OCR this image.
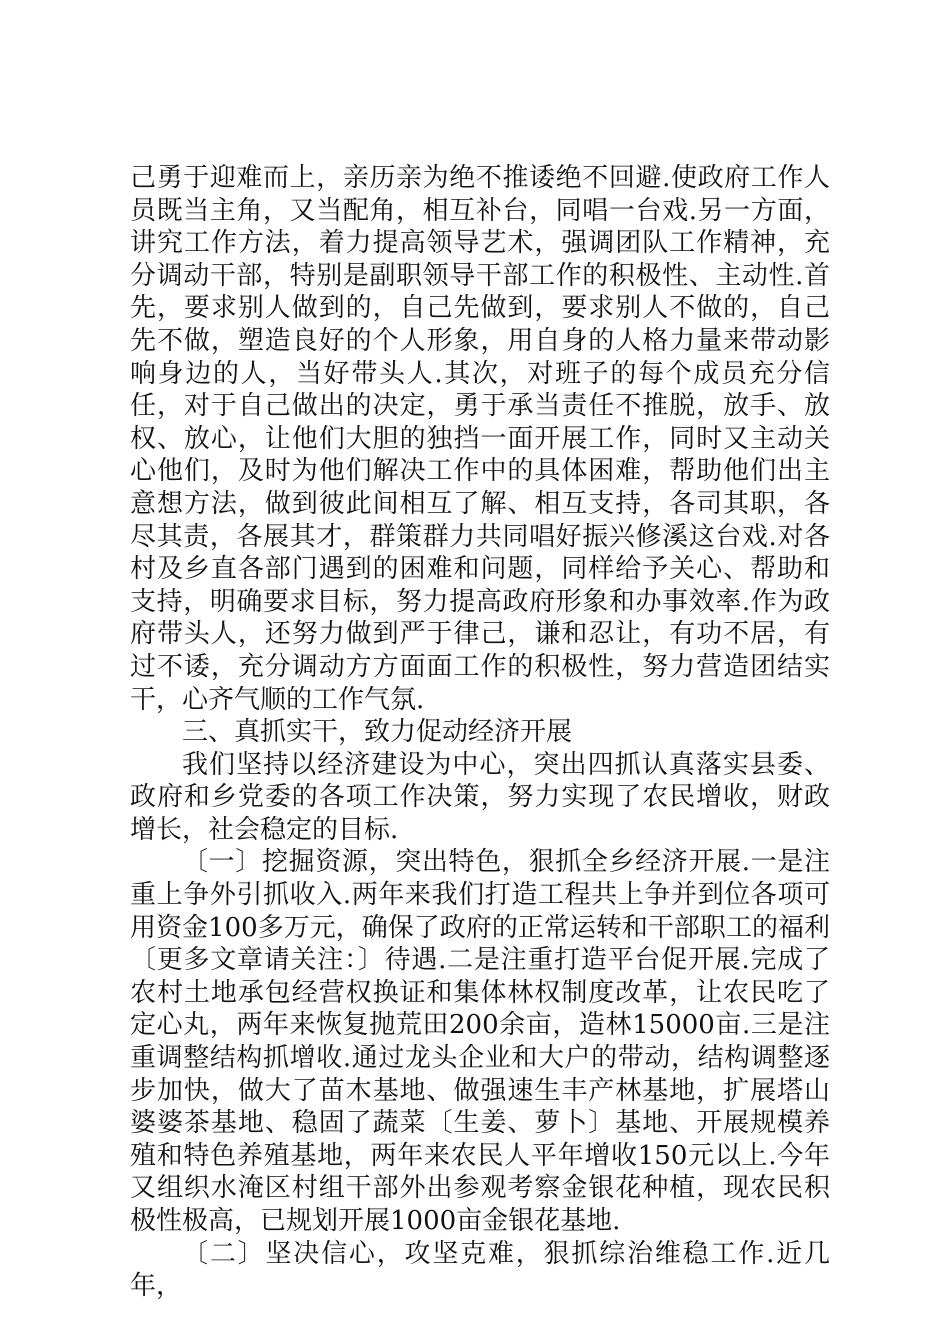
己勇于迎难而上，亲历亲为绝不推诿绝不回避.使政府工作人员既当主角，又当配角，相互补台，同唱一台戏.另一方面，讲究工作方法，着力提高领导艺术，强调团队工作精神，充分调动干部，特别是副职领导干部工作的积极性、主动性.首先，要求别人做到的，自己先做到，要求别人不做的，自己先不做，塑造良好的个人形象，用自身的人格力量来带动影响身边的人，当好带头人.其次，对班子的每个成员充分信任，对于自己做出的决定，勇于承当责任不推脱，放手、放权、放心，让他们大胆的独挡一面开展工作，同时又主动关心他们，及时为他们解决工作中的具体困难，帮助他们出主意想方法，做到彼此间相互了解、相互支持，各司其职，各尽其责，各展其才，群策群力共同唱好振兴修溪这台戏.对各村及乡直各部门遇到的困难和问题，同样给予关心、帮助和支持，明确要求目标，努力提高政府形象和办事效率.作为政府带头人，还努力做到严于律己，谦和忍让，有功不居，有过不诿，充分调动方方面面工作的积极性，努力营造团结实干，心齐气顺的工作气氛.

三、真抓实干，致力促动经济开展

我们坚持以经济建设为中心，突出四抓认真落实县委、政府和乡党委的各项工作决策，努力实现了农民增收，财政增长，社会稳定的目标.

〔一〕挖掘资源，突出特色，狠抓全乡经济开展.一是注重上争外引抓收入.两年来我们打造工程共上争并到位各项可用资金100多万元，确保了政府的正常运转和干部职工的福利〔更多文章请关注：〕待遇.二是注重打造平台促开展.完成了农村土地承包经营权换证和集体林权制度改革，让农民吃了定心丸，两年来恢复抛荒田200余亩，造林15000亩.三是注重调整结构抓增收.通过龙头企业和大户的带动，结构调整逐步加快，做大了苗木基地、做强速生丰产林基地，扩展塔山婆婆茶基地、稳固了蔬菜〔生姜、萝卜〕基地、开展规模养殖和特色养殖基地，两年来农民人平年增收150元以上.今年又组织水淹区村组干部外出参观考察金银花种植，现农民积极性极高，已规划开展1000亩金银花基地.

〔二〕坚决信心，攻坚克难，狠抓综治维稳工作.近几年，
